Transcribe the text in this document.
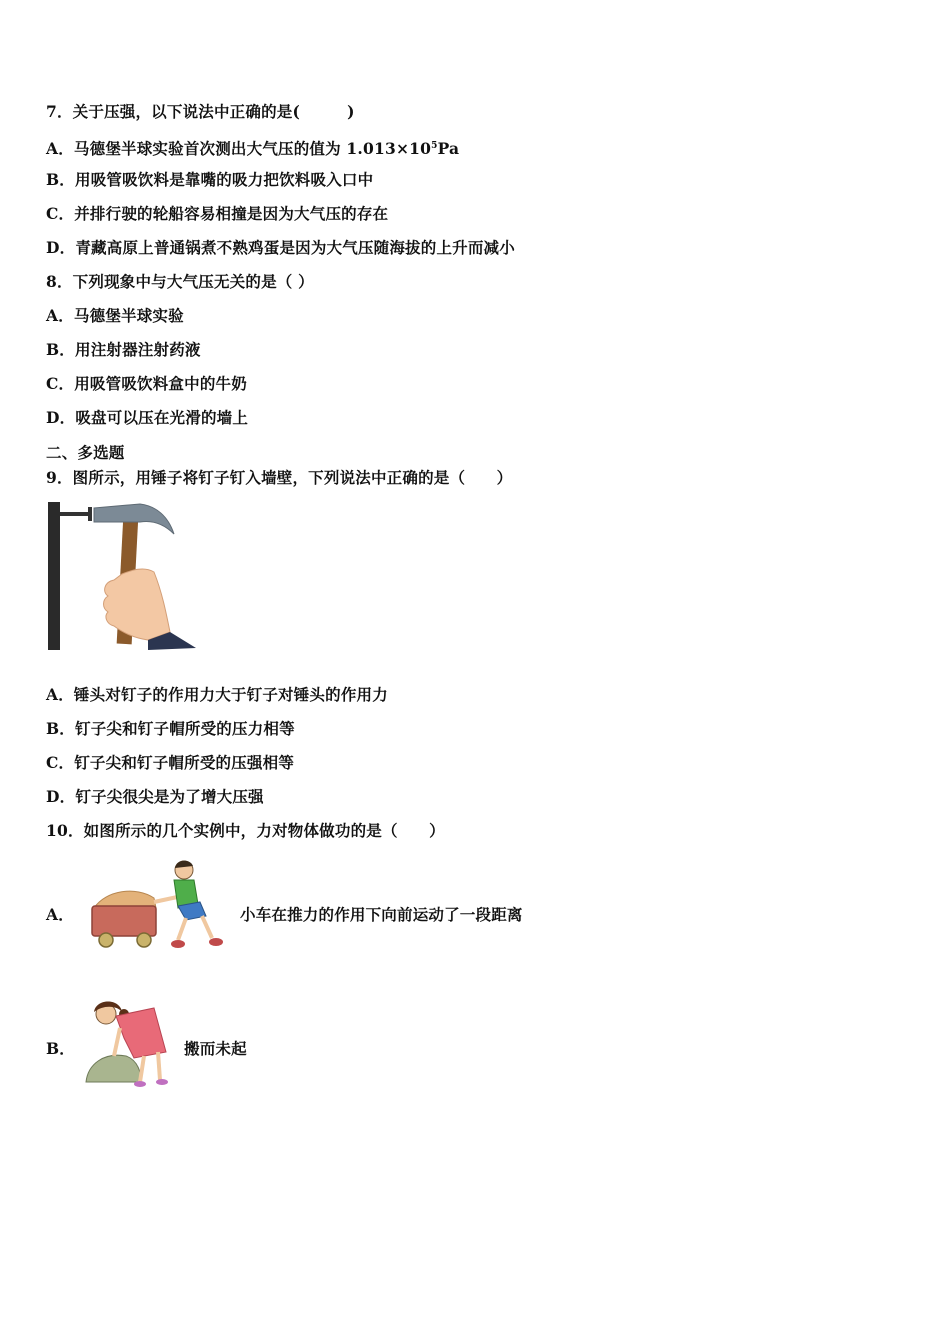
7．关于压强，以下说法中正确的是(　　　)
A．马德堡半球实验首次测出大气压的值为 $1.013\times 10^5Pa$
B．用吸管吸饮料是靠嘴的吸力把饮料吸入口中
C．并排行驶的轮船容易相撞是因为大气压的存在
D．青藏高原上普通锅煮不熟鸡蛋是因为大气压随海拔的上升而减小
8．下列现象中与大气压无关的是（ ）
A．马德堡半球实验
B．用注射器注射药液
C．用吸管吸饮料盒中的牛奶
D．吸盘可以压在光滑的墙上
二、多选题
9．图所示，用锤子将钉子钉入墙壁，下列说法中正确的是（　　）
A．锤头对钉子的作用力大于钉子对锤头的作用力
B．钉子尖和钉子帽所受的压力相等
C．钉子尖和钉子帽所受的压强相等
D．钉子尖很尖是为了增大压强
10．如图所示的几个实例中，力对物体做功的是（　　）
A．	小车在推力的作用下向前运动了一段距离
B．	搬而未起
